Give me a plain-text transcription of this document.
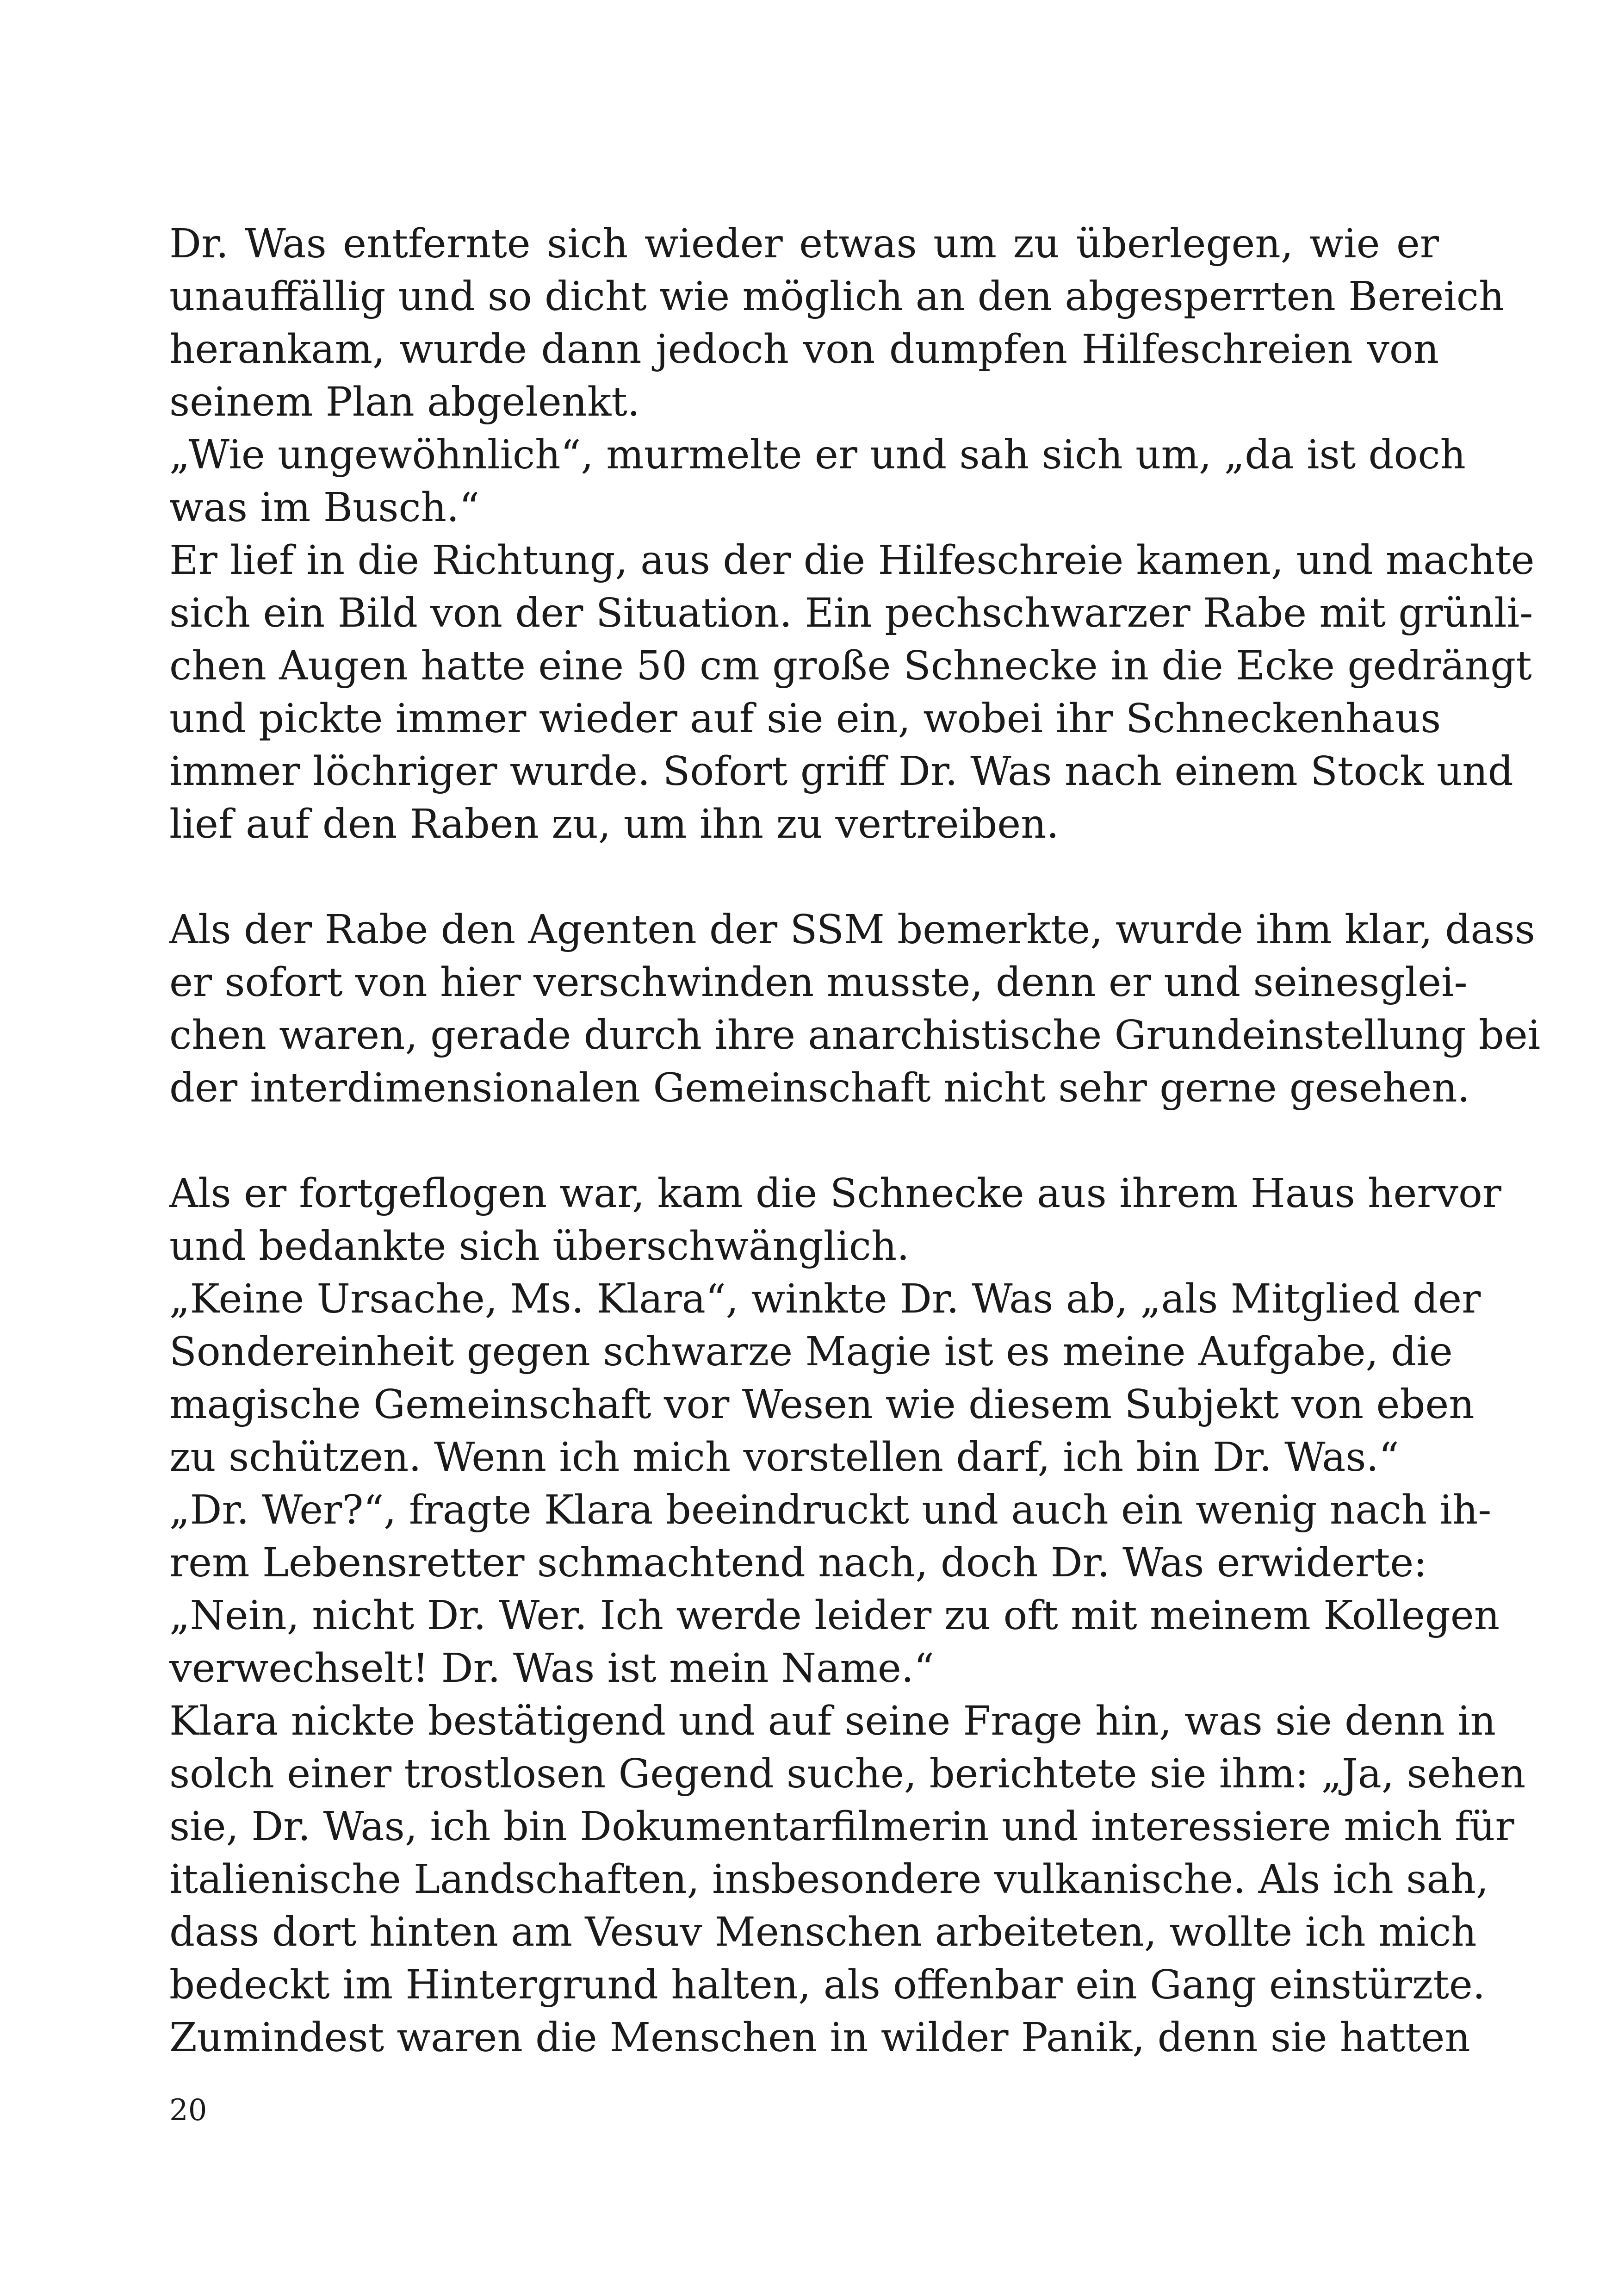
Dr. Was entfernte sich wieder etwas um zu überlegen, wie er
unauffällig und so dicht wie möglich an den abgesperrten Bereich
herankam, wurde dann jedoch von dumpfen Hilfeschreien von
seinem Plan abgelenkt.
„Wie ungewöhnlich“, murmelte er und sah sich um, „da ist doch
was im Busch.“
Er lief in die Richtung, aus der die Hilfeschreie kamen, und machte
sich ein Bild von der Situation. Ein pechschwarzer Rabe mit grünli-
chen Augen hatte eine 50 cm große Schnecke in die Ecke gedrängt
und pickte immer wieder auf sie ein, wobei ihr Schneckenhaus
immer löchriger wurde. Sofort griff Dr. Was nach einem Stock und
lief auf den Raben zu, um ihn zu vertreiben.
Als der Rabe den Agenten der SSM bemerkte, wurde ihm klar, dass
er sofort von hier verschwinden musste, denn er und seinesglei-
chen waren, gerade durch ihre anarchistische Grundeinstellung bei
der interdimensionalen Gemeinschaft nicht sehr gerne gesehen.
Als er fortgeflogen war, kam die Schnecke aus ihrem Haus hervor
und bedankte sich überschwänglich.
„Keine Ursache, Ms. Klara“, winkte Dr. Was ab, „als Mitglied der
Sondereinheit gegen schwarze Magie ist es meine Aufgabe, die
magische Gemeinschaft vor Wesen wie diesem Subjekt von eben
zu schützen. Wenn ich mich vorstellen darf, ich bin Dr. Was.“
„Dr. Wer?“, fragte Klara beeindruckt und auch ein wenig nach ih-
rem Lebensretter schmachtend nach, doch Dr. Was erwiderte:
„Nein, nicht Dr. Wer. Ich werde leider zu oft mit meinem Kollegen
verwechselt! Dr. Was ist mein Name.“
Klara nickte bestätigend und auf seine Frage hin, was sie denn in
solch einer trostlosen Gegend suche, berichtete sie ihm: „Ja, sehen
sie, Dr. Was, ich bin Dokumentarfilmerin und interessiere mich für
italienische Landschaften, insbesondere vulkanische. Als ich sah,
dass dort hinten am Vesuv Menschen arbeiteten, wollte ich mich
bedeckt im Hintergrund halten, als offenbar ein Gang einstürzte.
Zumindest waren die Menschen in wilder Panik, denn sie hatten
20
